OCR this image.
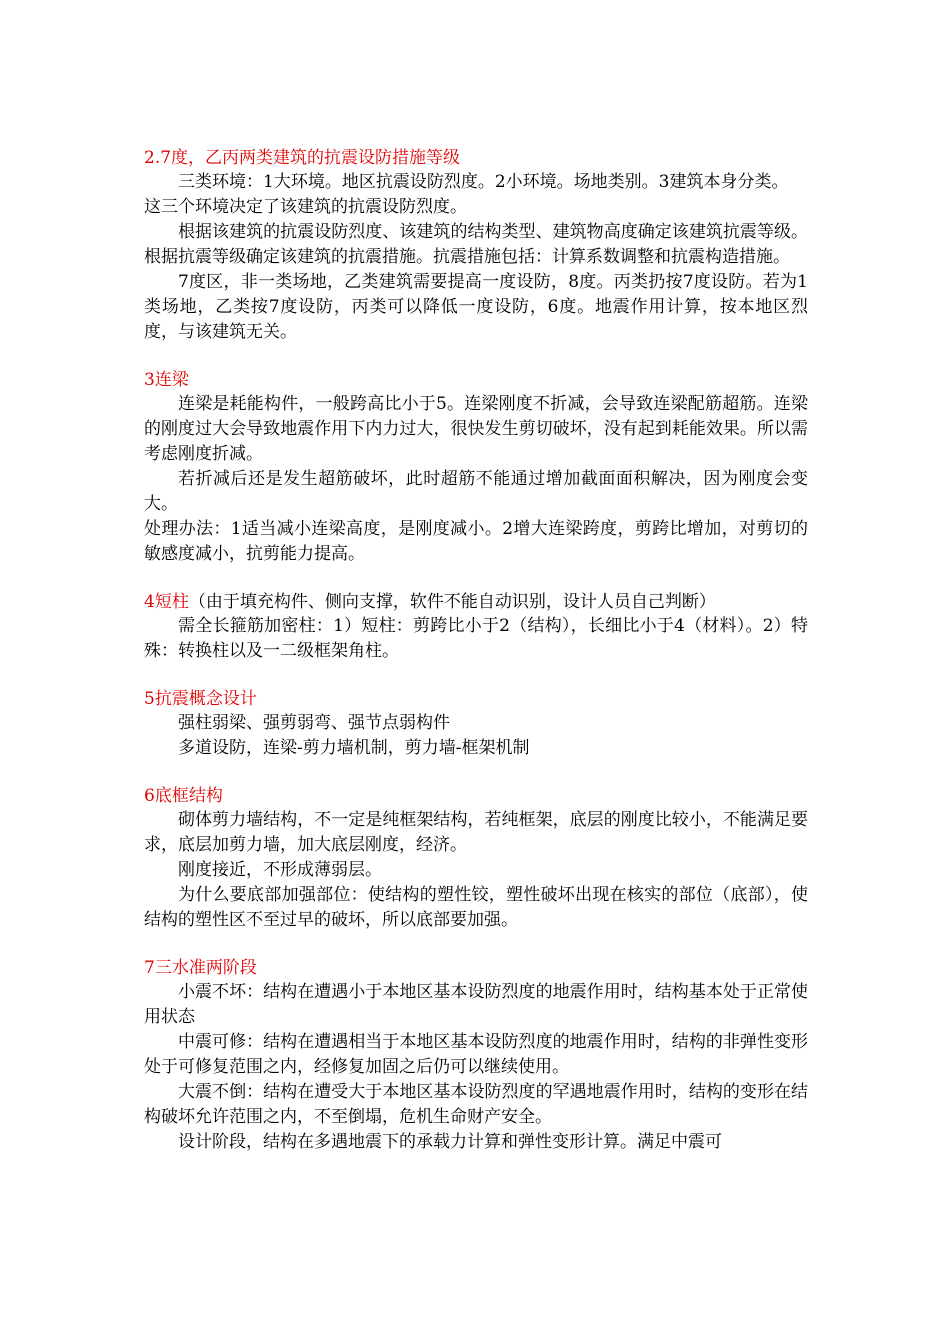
2.7度，乙丙两类建筑的抗震设防措施等级

三类环境：1大环境。地区抗震设防烈度。2小环境。场地类别。3建筑本身分类。

这三个环境决定了该建筑的抗震设防烈度。

根据该建筑的抗震设防烈度、该建筑的结构类型、建筑物高度确定该建筑抗震等级。根据抗震等级确定该建筑的抗震措施。抗震措施包括：计算系数调整和抗震构造措施。

7度区，非一类场地，乙类建筑需要提高一度设防，8度。丙类扔按7度设防。若为1类场地，乙类按7度设防，丙类可以降低一度设防，6度。地震作用计算，按本地区烈度，与该建筑无关。

3连梁

连梁是耗能构件，一般跨高比小于5。连梁刚度不折减，会导致连梁配筋超筋。连梁的刚度过大会导致地震作用下内力过大，很快发生剪切破坏，没有起到耗能效果。所以需考虑刚度折减。

若折减后还是发生超筋破坏，此时超筋不能通过增加截面面积解决，因为刚度会变大。

处理办法：1适当减小连梁高度，是刚度减小。2增大连梁跨度，剪跨比增加，对剪切的敏感度减小，抗剪能力提高。

4短柱（由于填充构件、侧向支撑，软件不能自动识别，设计人员自己判断）

需全长箍筋加密柱：1）短柱：剪跨比小于2（结构），长细比小于4（材料）。2）特殊：转换柱以及一二级框架角柱。

5抗震概念设计

强柱弱梁、强剪弱弯、强节点弱构件

多道设防，连梁-剪力墙机制，剪力墙-框架机制

6底框结构

砌体剪力墙结构，不一定是纯框架结构，若纯框架，底层的刚度比较小，不能满足要求，底层加剪力墙，加大底层刚度，经济。

刚度接近，不形成薄弱层。

为什么要底部加强部位：使结构的塑性铰，塑性破坏出现在核实的部位（底部），使结构的塑性区不至过早的破坏，所以底部要加强。

7三水准两阶段

小震不坏：结构在遭遇小于本地区基本设防烈度的地震作用时，结构基本处于正常使用状态

中震可修：结构在遭遇相当于本地区基本设防烈度的地震作用时，结构的非弹性变形处于可修复范围之内，经修复加固之后仍可以继续使用。

大震不倒：结构在遭受大于本地区基本设防烈度的罕遇地震作用时，结构的变形在结构破坏允许范围之内，不至倒塌，危机生命财产安全。

设计阶段，结构在多遇地震下的承载力计算和弹性变形计算。满足中震可
